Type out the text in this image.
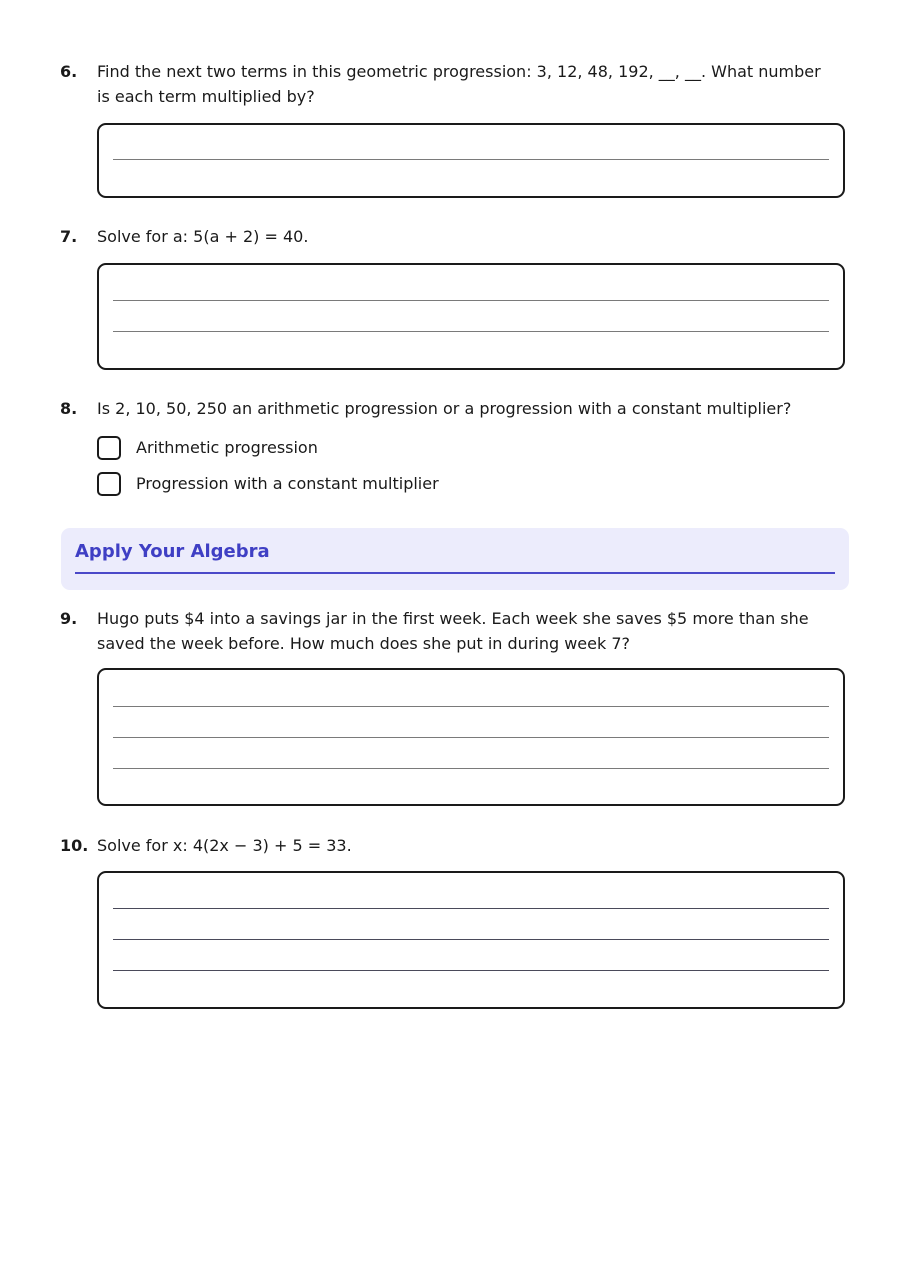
6. Find the next two terms in this geometric progression: 3, 12, 48, 192, __, __. What number is each term multiplied by?
7. Solve for a: 5(a + 2) = 40.
8. Is 2, 10, 50, 250 an arithmetic progression or a progression with a constant multiplier?
Arithmetic progression
Progression with a constant multiplier
Apply Your Algebra
9. Hugo puts $4 into a savings jar in the first week. Each week she saves $5 more than she saved the week before. How much does she put in during week 7?
10. Solve for x: 4(2x − 3) + 5 = 33.
